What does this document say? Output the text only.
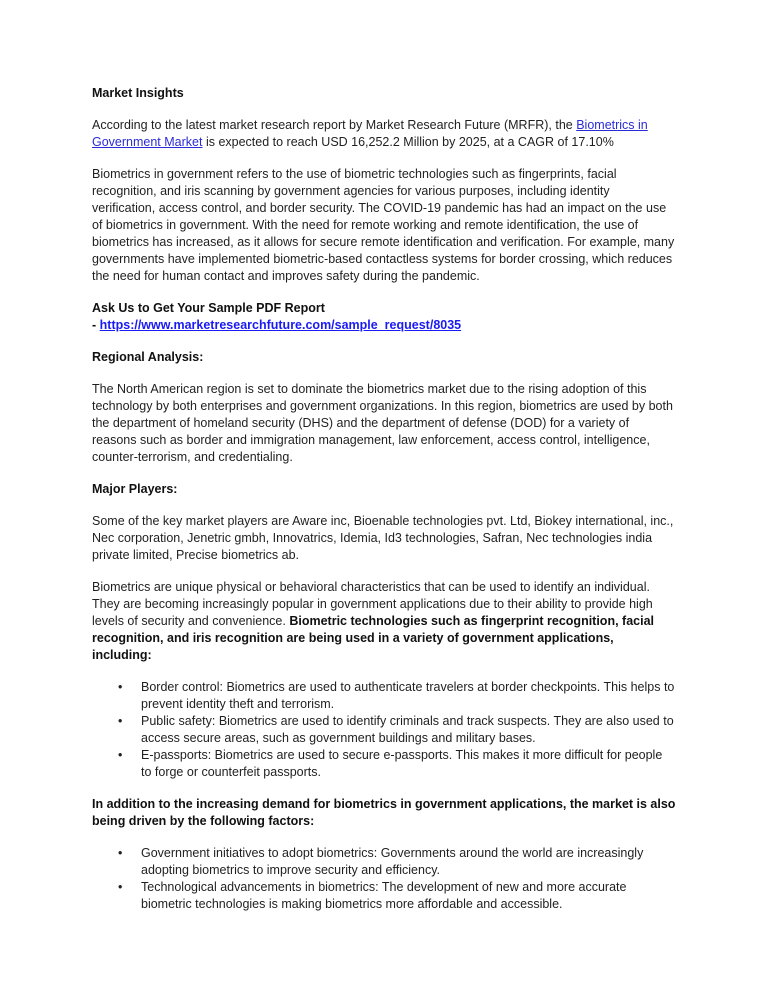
Market Insights
According to the latest market research report by Market Research Future (MRFR), the Biometrics in Government Market is expected to reach USD 16,252.2 Million by 2025, at a CAGR of 17.10%
Biometrics in government refers to the use of biometric technologies such as fingerprints, facial recognition, and iris scanning by government agencies for various purposes, including identity verification, access control, and border security. The COVID-19 pandemic has had an impact on the use of biometrics in government. With the need for remote working and remote identification, the use of biometrics has increased, as it allows for secure remote identification and verification. For example, many governments have implemented biometric-based contactless systems for border crossing, which reduces the need for human contact and improves safety during the pandemic.
Ask Us to Get Your Sample PDF Report
- https://www.marketresearchfuture.com/sample_request/8035
Regional Analysis:
The North American region is set to dominate the biometrics market due to the rising adoption of this technology by both enterprises and government organizations. In this region, biometrics are used by both the department of homeland security (DHS) and the department of defense (DOD) for a variety of reasons such as border and immigration management, law enforcement, access control, intelligence, counter-terrorism, and credentialing.
Major Players:
Some of the key market players are Aware inc, Bioenable technologies pvt. Ltd, Biokey international, inc., Nec corporation, Jenetric gmbh, Innovatrics, Idemia, Id3 technologies, Safran, Nec technologies india private limited, Precise biometrics ab.
Biometrics are unique physical or behavioral characteristics that can be used to identify an individual. They are becoming increasingly popular in government applications due to their ability to provide high levels of security and convenience. Biometric technologies such as fingerprint recognition, facial recognition, and iris recognition are being used in a variety of government applications, including:
• Border control: Biometrics are used to authenticate travelers at border checkpoints. This helps to prevent identity theft and terrorism.
• Public safety: Biometrics are used to identify criminals and track suspects. They are also used to access secure areas, such as government buildings and military bases.
• E-passports: Biometrics are used to secure e-passports. This makes it more difficult for people to forge or counterfeit passports.
In addition to the increasing demand for biometrics in government applications, the market is also being driven by the following factors:
• Government initiatives to adopt biometrics: Governments around the world are increasingly adopting biometrics to improve security and efficiency.
• Technological advancements in biometrics: The development of new and more accurate biometric technologies is making biometrics more affordable and accessible.
